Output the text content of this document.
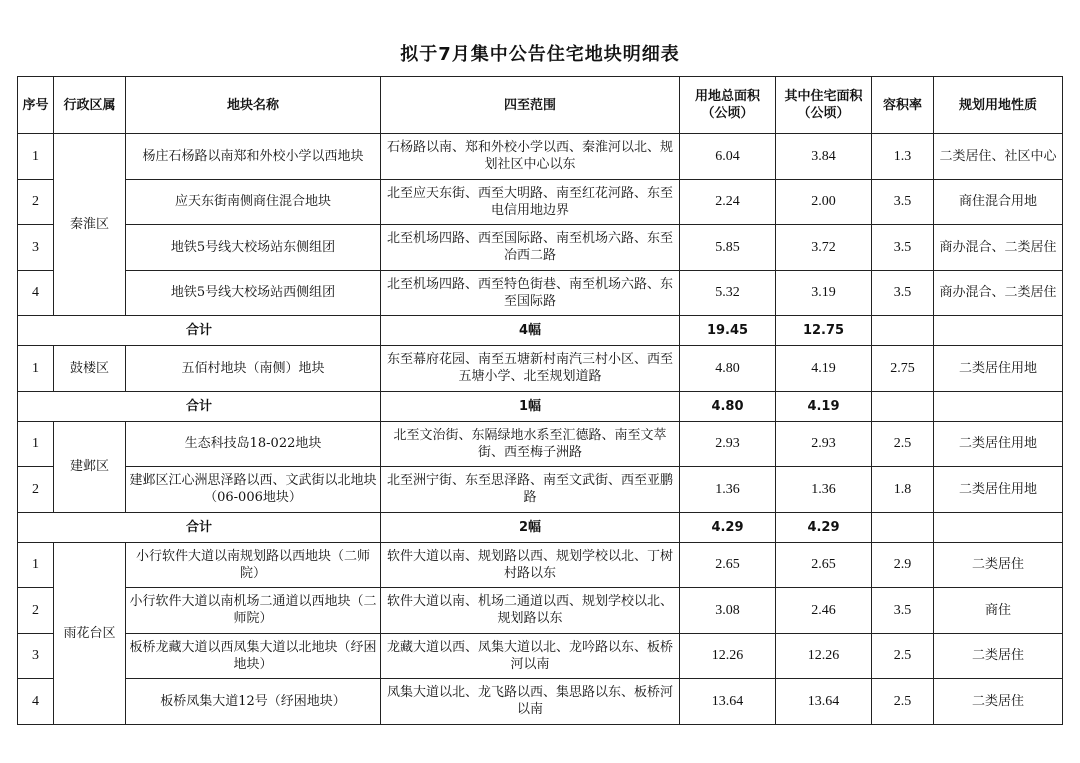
拟于7月集中公告住宅地块明细表
序号	行政区属	地块名称	四至范围	用地总面积（公顷）	其中住宅面积（公顷）	容积率	规划用地性质
1	秦淮区	杨庄石杨路以南郑和外校小学以西地块	石杨路以南、郑和外校小学以西、秦淮河以北、规划社区中心以东	6.04	3.84	1.3	二类居住、社区中心
2		应天东街南侧商住混合地块	北至应天东街、西至大明路、南至红花河路、东至电信用地边界	2.24	2.00	3.5	商住混合用地
3		地铁5号线大校场站东侧组团	北至机场四路、西至国际路、南至机场六路、东至冶西二路	5.85	3.72	3.5	商办混合、二类居住
4		地铁5号线大校场站西侧组团	北至机场四路、西至特色街巷、南至机场六路、东至国际路	5.32	3.19	3.5	商办混合、二类居住
合计			4幅	19.45	12.75		
1	鼓楼区	五佰村地块（南侧）地块	东至幕府花园、南至五塘新村南汽三村小区、西至五塘小学、北至规划道路	4.80	4.19	2.75	二类居住用地
合计			1幅	4.80	4.19		
1	建邺区	生态科技岛18-022地块	北至文治街、东隔绿地水系至汇德路、南至文萃街、西至梅子洲路	2.93	2.93	2.5	二类居住用地
2		建邺区江心洲思泽路以西、文武街以北地块（06-006地块）	北至洲宁街、东至思泽路、南至文武街、西至亚鹏路	1.36	1.36	1.8	二类居住用地
合计			2幅	4.29	4.29		
1	雨花台区	小行软件大道以南规划路以西地块（二师院）	软件大道以南、规划路以西、规划学校以北、丁树村路以东	2.65	2.65	2.9	二类居住
2		小行软件大道以南机场二通道以西地块（二师院）	软件大道以南、机场二通道以西、规划学校以北、规划路以东	3.08	2.46	3.5	商住
3		板桥龙藏大道以西凤集大道以北地块（纾困地块）	龙藏大道以西、凤集大道以北、龙吟路以东、板桥河以南	12.26	12.26	2.5	二类居住
4		板桥凤集大道12号（纾困地块）	凤集大道以北、龙飞路以西、集思路以东、板桥河以南	13.64	13.64	2.5	二类居住
